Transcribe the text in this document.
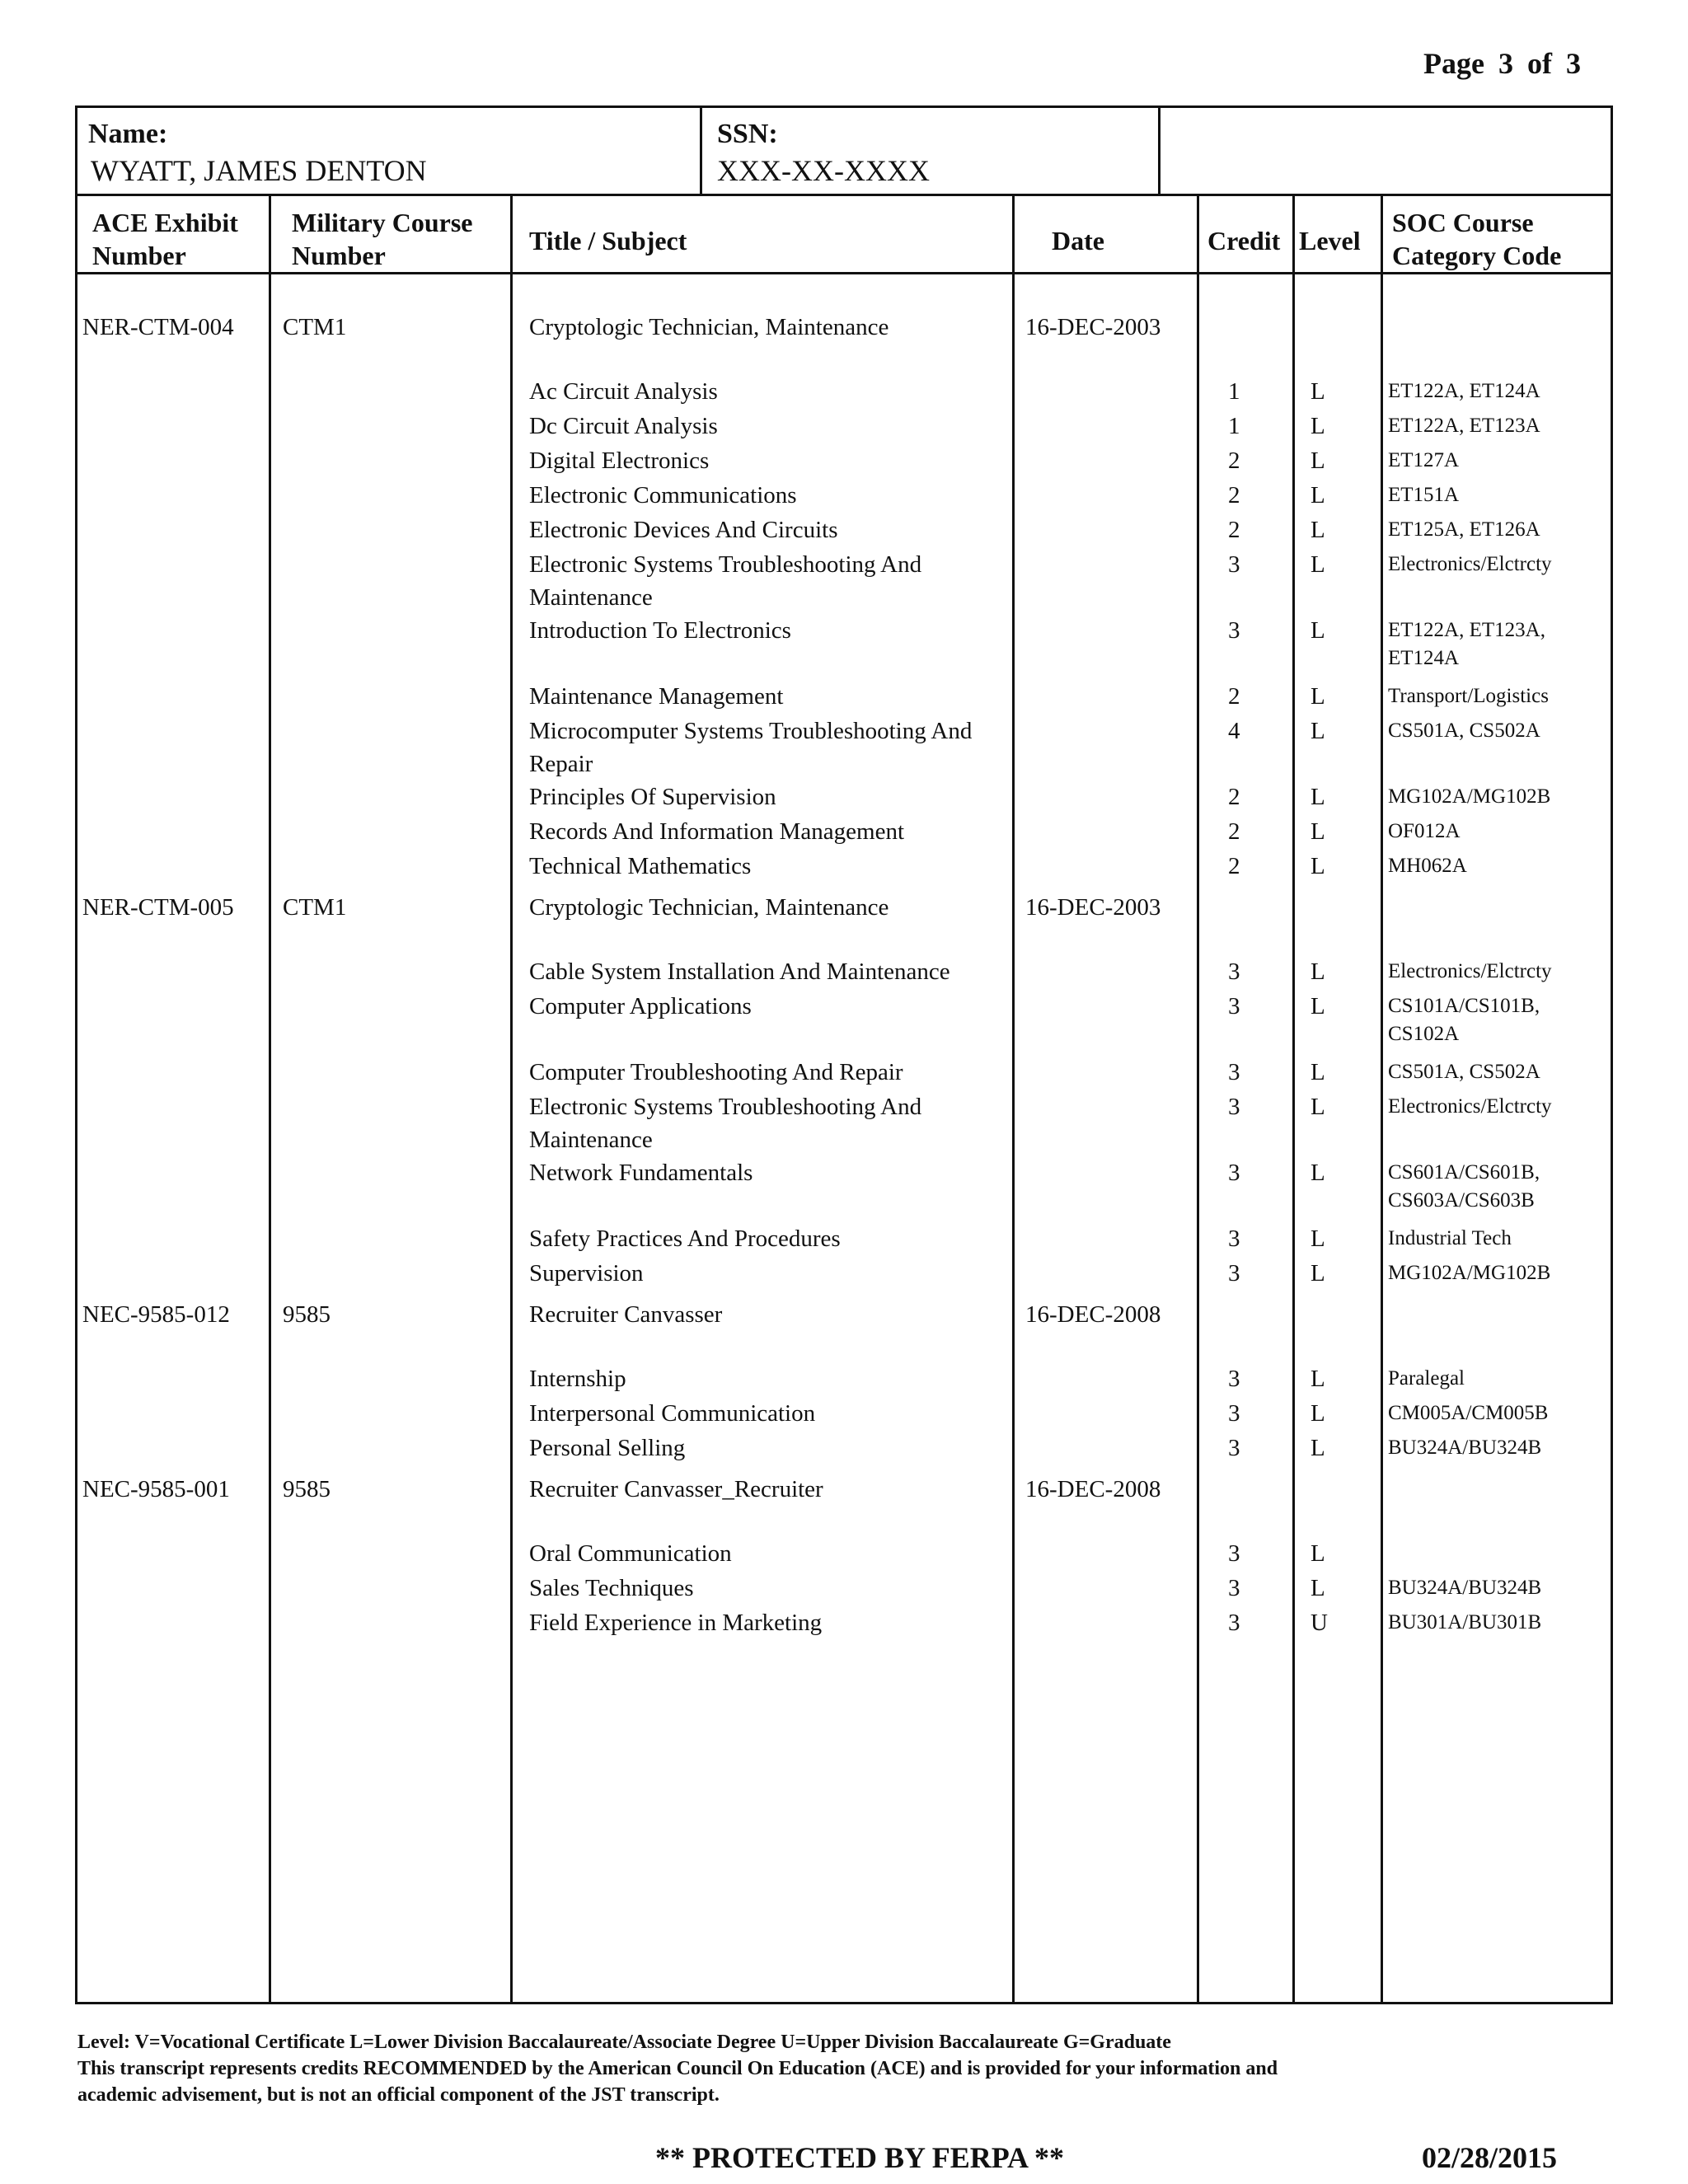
Page 3 of 3
Name:
WYATT, JAMES DENTON
SSN:
XXX-XX-XXXX
ACE Exhibit
Number
Military Course
Number	Title / Subject	Date	Credit Level
SOC Course
Category Code
NER-CTM-004 CTM1	Cryptologic Technician, Maintenance	16-DEC-2003
Ac Circuit Analysis	1	L	ET122A, ET124A
Dc Circuit Analysis	1	L	ET122A, ET123A
Digital Electronics	2	L	ET127A
Electronic Communications	2	L	ET151A
Electronic Devices And Circuits	2	L	ET125A, ET126A
Electronic Systems Troubleshooting And
Maintenance
3	L	Electronics/Elctrcty
Introduction To Electronics	3	L	ET122A, ET123A,
ET124A
Maintenance Management	2	L	Transport/Logistics
Microcomputer Systems Troubleshooting And
Repair
4	L	CS501A, CS502A
Principles Of Supervision	2	L	MG102A/MG102B
Records And Information Management	2	L	OF012A
Technical Mathematics	2	L	MH062A
NER-CTM-005 CTM1	Cryptologic Technician, Maintenance	16-DEC-2003
Cable System Installation And Maintenance	3	L	Electronics/Elctrcty
Computer Applications	3	L	CS101A/CS101B,
CS102A
Computer Troubleshooting And Repair	3	L	CS501A, CS502A
Electronic Systems Troubleshooting And
Maintenance
3	L	Electronics/Elctrcty
Network Fundamentals	3	L	CS601A/CS601B,
CS603A/CS603B
Safety Practices And Procedures	3	L	Industrial Tech
Supervision	3	L	MG102A/MG102B
NEC-9585-012 9585	Recruiter Canvasser	16-DEC-2008
Internship	3	L	Paralegal
Interpersonal Communication	3	L	CM005A/CM005B
Personal Selling	3	L	BU324A/BU324B
NEC-9585-001 9585	Recruiter Canvasser_Recruiter	16-DEC-2008
Oral Communication	3	L
Sales Techniques	3	L	BU324A/BU324B
Field Experience in Marketing	3	U	BU301A/BU301B
Level: V=Vocational Certificate L=Lower Division Baccalaureate/Associate Degree U=Upper Division Baccalaureate G=Graduate
This transcript represents credits RECOMMENDED by the American Council On Education (ACE) and is provided for your information and
academic advisement, but is not an official component of the JST transcript.
** PROTECTED BY FERPA **	02/28/2015
